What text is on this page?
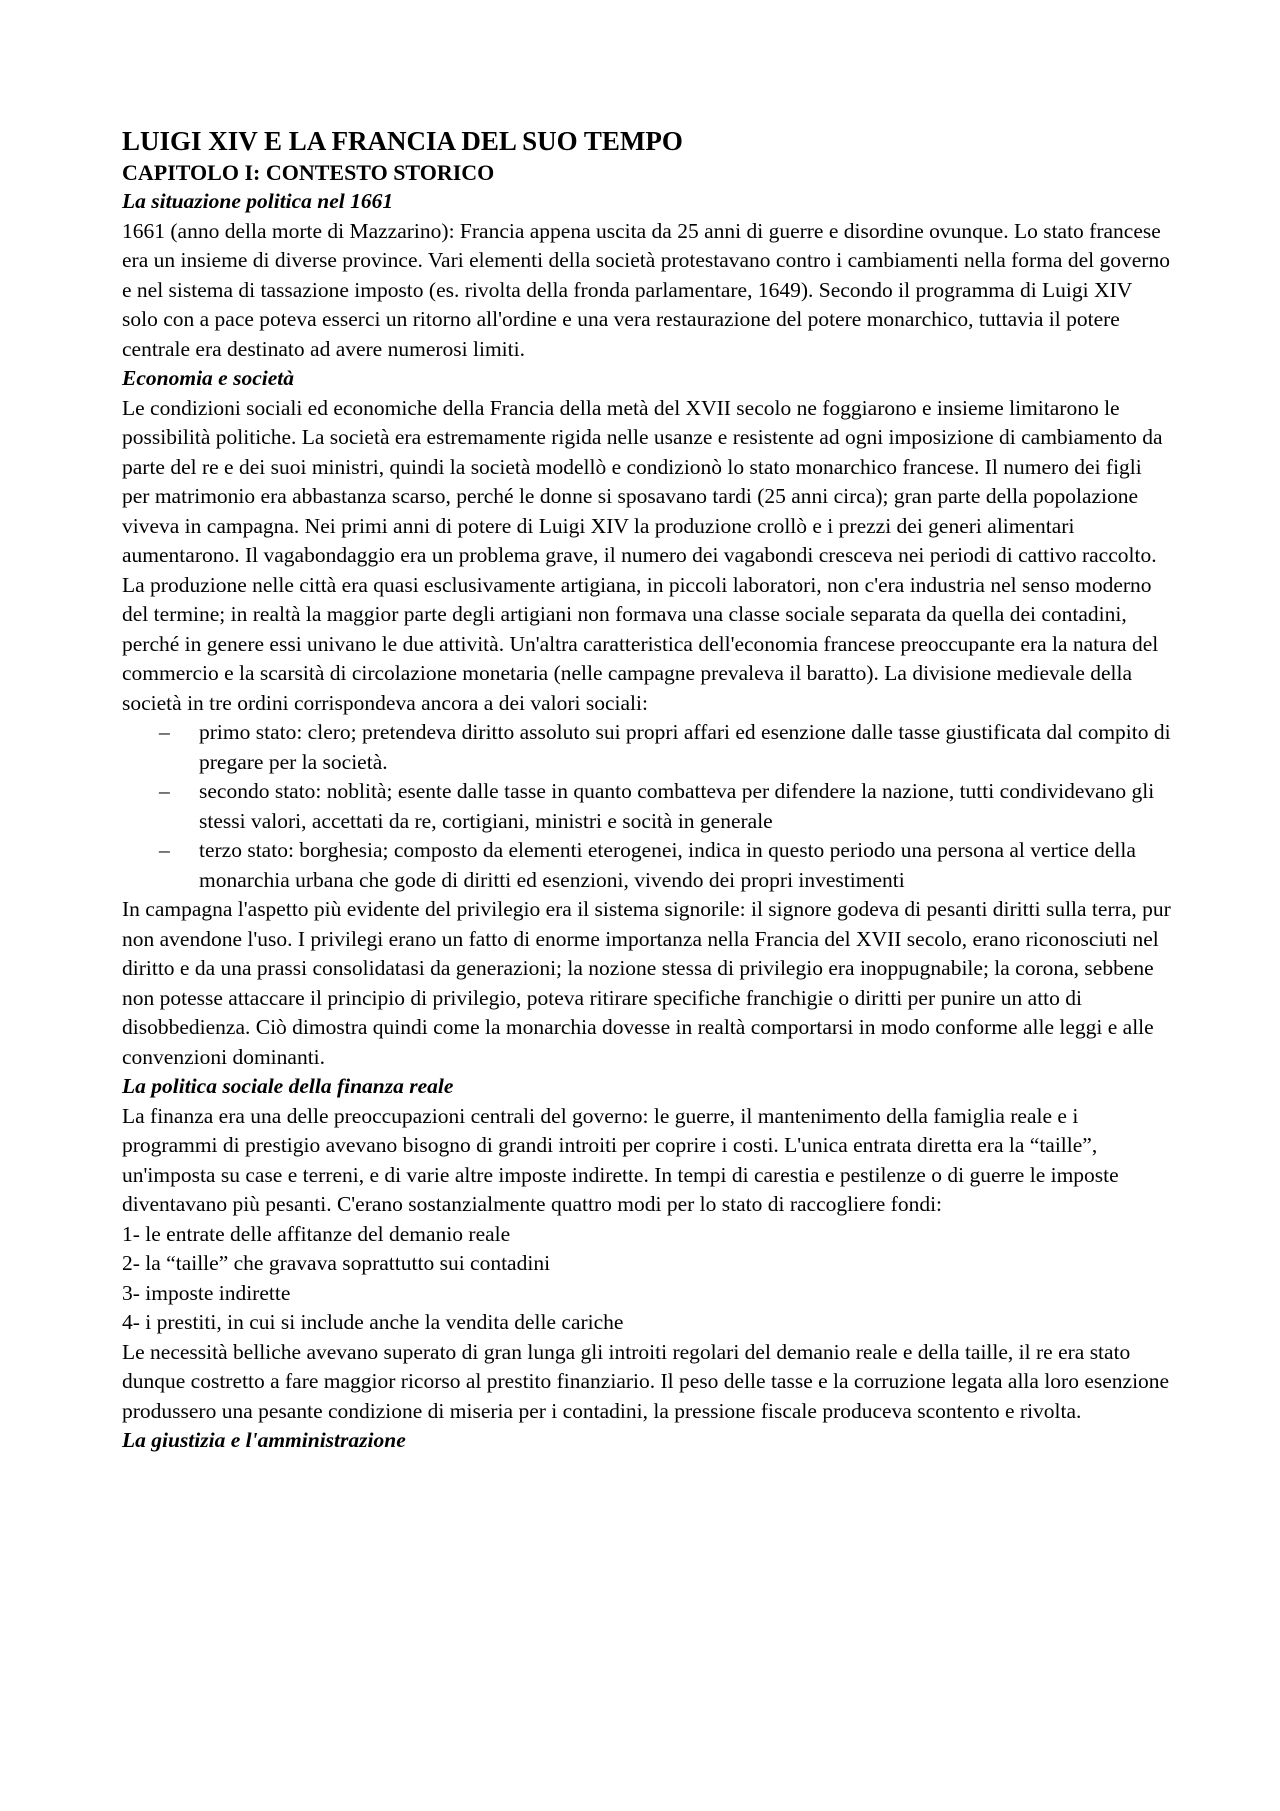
LUIGI XIV E LA FRANCIA DEL SUO TEMPO
CAPITOLO I: CONTESTO STORICO
La situazione politica nel 1661

1661 (anno della morte di Mazzarino): Francia appena uscita da 25 anni di guerre e disordine ovunque. Lo stato francese era un insieme di diverse province. Vari elementi della società protestavano contro i cambiamenti nella forma del governo e nel sistema di tassazione imposto (es. rivolta della fronda parlamentare, 1649). Secondo il programma di Luigi XIV solo con a pace poteva esserci un ritorno all'ordine e una vera restaurazione del potere monarchico, tuttavia il potere centrale era destinato ad avere numerosi limiti.

Economia e società

Le condizioni sociali ed economiche della Francia della metà del XVII secolo ne foggiarono e insieme limitarono le possibilità politiche. La società era estremamente rigida nelle usanze e resistente ad ogni imposizione di cambiamento da parte del re e dei suoi ministri, quindi la società modellò e condizionò lo stato monarchico francese. Il numero dei figli per matrimonio era abbastanza scarso, perché le donne si sposavano tardi (25 anni circa); gran parte della popolazione viveva in campagna. Nei primi anni di potere di Luigi XIV la produzione crollò e i prezzi dei generi alimentari aumentarono. Il vagabondaggio era un problema grave, il numero dei vagabondi cresceva nei periodi di cattivo raccolto. La produzione nelle città era quasi esclusivamente artigiana, in piccoli laboratori, non c'era industria nel senso moderno del termine; in realtà la maggior parte degli artigiani non formava una classe sociale separata da quella dei contadini, perché in genere essi univano le due attività. Un'altra caratteristica dell'economia francese preoccupante era la natura del commercio e la scarsità di circolazione monetaria (nelle campagne prevaleva il baratto). La divisione medievale della società in tre ordini corrispondeva ancora a dei valori sociali:

– primo stato: clero; pretendeva diritto assoluto sui propri affari ed esenzione dalle tasse giustificata dal compito di pregare per la società.
– secondo stato: noblità; esente dalle tasse in quanto combatteva per difendere la nazione, tutti condividevano gli stessi valori, accettati da re, cortigiani, ministri e socità in generale
– terzo stato: borghesia; composto da elementi eterogenei, indica in questo periodo una persona al vertice della monarchia urbana che gode di diritti ed esenzioni, vivendo dei propri investimenti

In campagna l'aspetto più evidente del privilegio era il sistema signorile: il signore godeva di pesanti diritti sulla terra, pur non avendone l'uso. I privilegi erano un fatto di enorme importanza nella Francia del XVII secolo, erano riconosciuti nel diritto e da una prassi consolidatasi da generazioni; la nozione stessa di privilegio era inoppugnabile; la corona, sebbene non potesse attaccare il principio di privilegio, poteva ritirare specifiche franchigie o diritti per punire un atto di disobbedienza. Ciò dimostra quindi come la monarchia dovesse in realtà comportarsi in modo conforme alle leggi e alle convenzioni dominanti.

La politica sociale della finanza reale

La finanza era una delle preoccupazioni centrali del governo: le guerre, il mantenimento della famiglia reale e i programmi di prestigio avevano bisogno di grandi introiti per coprire i costi. L'unica entrata diretta era la “taille”, un'imposta su case e terreni, e di varie altre imposte indirette. In tempi di carestia e pestilenze o di guerre le imposte diventavano più pesanti. C'erano sostanzialmente quattro modi per lo stato di raccogliere fondi:

1- le entrate delle affitanze del demanio reale
2- la “taille” che gravava soprattutto sui contadini
3- imposte indirette
4- i prestiti, in cui si include anche la vendita delle cariche

Le necessità belliche avevano superato di gran lunga gli introiti regolari del demanio reale e della taille, il re era stato dunque costretto a fare maggior ricorso al prestito finanziario. Il peso delle tasse e la corruzione legata alla loro esenzione produssero una pesante condizione di miseria per i contadini, la pressione fiscale produceva scontento e rivolta.

La giustizia e l'amministrazione
